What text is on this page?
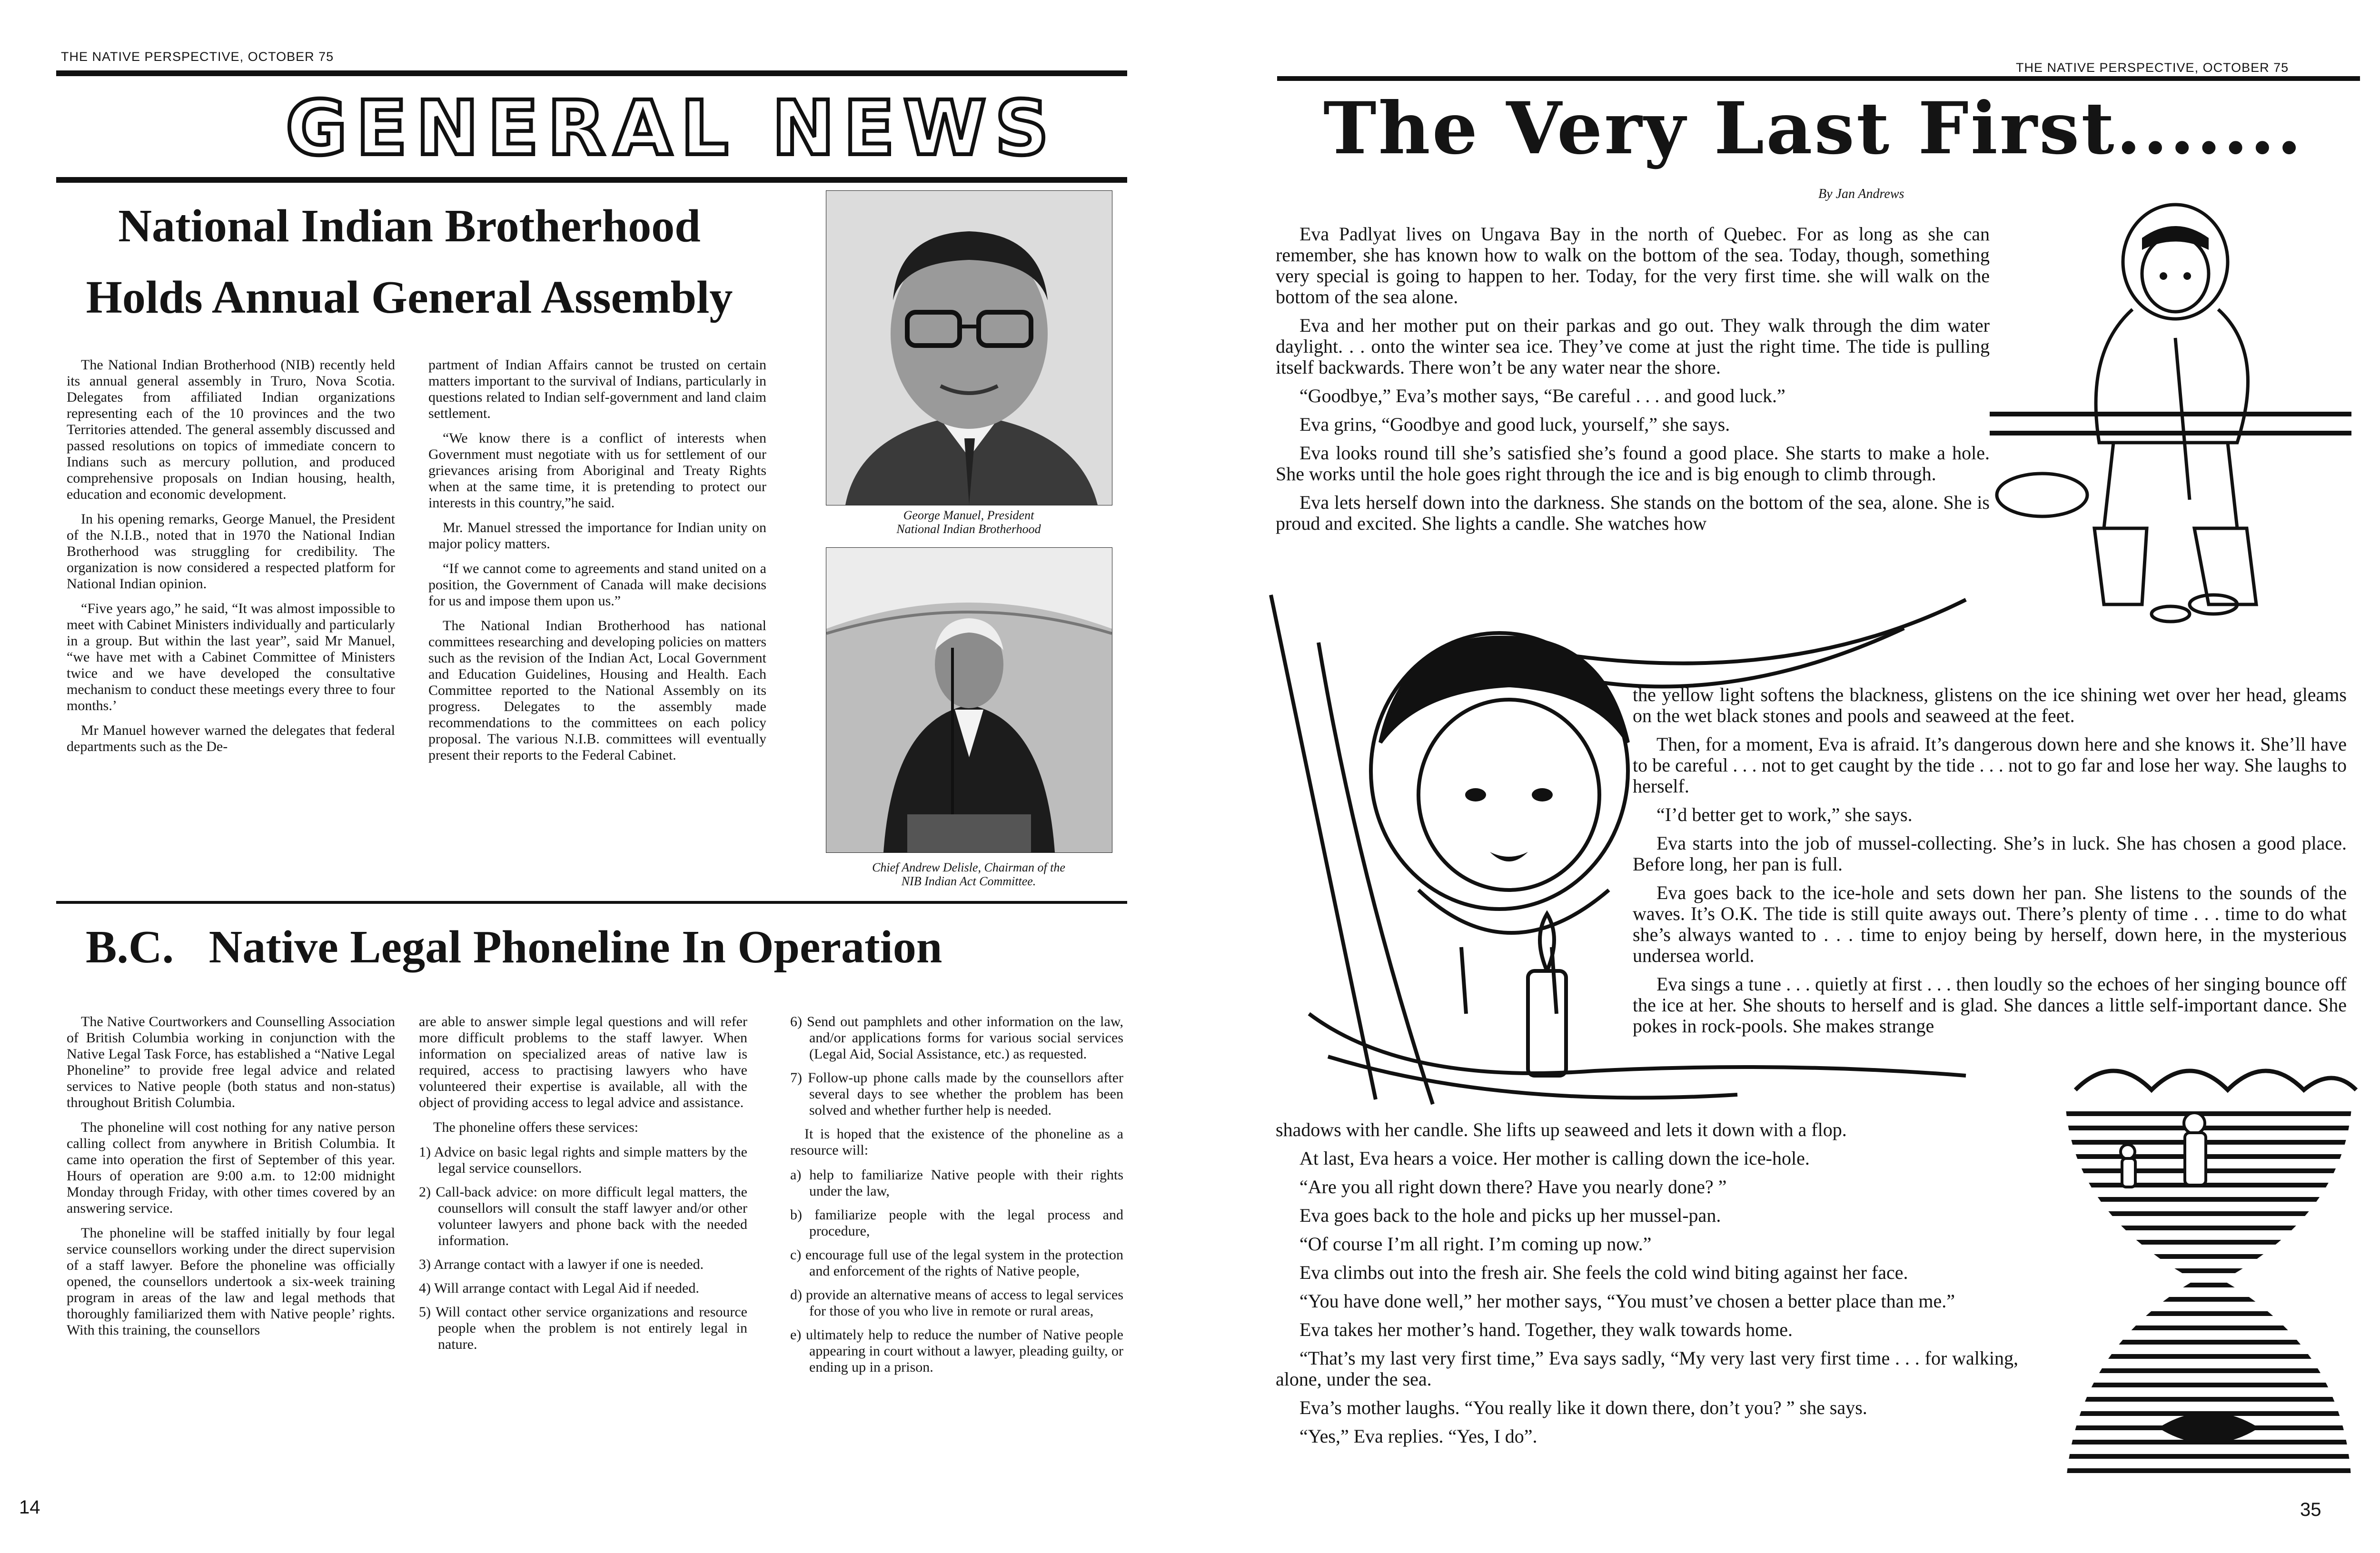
THE NATIVE PERSPECTIVE, OCTOBER 75
GENERAL NEWS
National Indian Brotherhood
Holds Annual General Assembly

The National Indian Brotherhood (NIB) recently held its annual general assembly in Truro, Nova Scotia. Delegates from affiliated Indian organizations representing each of the 10 provinces and the two Territories attended. The general assembly discussed and passed resolutions on topics of immediate concern to Indians such as mercury pollution, and produced comprehensive proposals on Indian housing, health, education and economic development.

In his opening remarks, George Manuel, the President of the N.I.B., noted that in 1970 the National Indian Brotherhood was struggling for credibility. The organization is now considered a respected platform for National Indian opinion.

“Five years ago,” he said, “It was almost impossible to meet with Cabinet Ministers individually and particularly in a group. But within the last year”, said Mr Manuel, “we have met with a Cabinet Committee of Ministers twice and we have developed the consultative mechanism to conduct these meetings every three to four months.’

Mr Manuel however warned the delegates that federal departments such as the De-

partment of Indian Affairs cannot be trusted on certain matters important to the survival of Indians, particularly in questions related to Indian self-government and land claim settlement.

“We know there is a conflict of interests when Government must negotiate with us for settlement of our grievances arising from Aboriginal and Treaty Rights when at the same time, it is pretending to protect our interests in this country,”he said.

Mr. Manuel stressed the importance for Indian unity on major policy matters.

“If we cannot come to agreements and stand united on a position, the Government of Canada will make decisions for us and impose them upon us.”

The National Indian Brotherhood has national committees researching and developing policies on matters such as the revision of the Indian Act, Local Government and Education Guidelines, Housing and Health. Each Committee reported to the National Assembly on its progress. Delegates to the assembly made recommendations to the committees on each policy proposal. The various N.I.B. committees will eventually present their reports to the Federal Cabinet.

George Manuel, President
National Indian Brotherhood
Chief Andrew Delisle, Chairman of the
NIB Indian Act Committee.
B.C.   Native Legal Phoneline In Operation

The Native Courtworkers and Counselling Association of British Columbia working in conjunction with the Native Legal Task Force, has established a “Native Legal Phoneline” to provide free legal advice and related services to Native people (both status and non-status) throughout British Columbia.

The phoneline will cost nothing for any native person calling collect from anywhere in British Columbia. It came into operation the first of September of this year. Hours of operation are 9:00 a.m. to 12:00 midnight Monday through Friday, with other times covered by an answering service.

The phoneline will be staffed initially by four legal service counsellors working under the direct supervision of a staff lawyer. Before the phoneline was officially opened, the counsellors undertook a six-week training program in areas of the law and legal methods that thoroughly familiarized them with Native people’ rights. With this training, the counsellors

are able to answer simple legal questions and will refer more difficult problems to the staff lawyer. When information on specialized areas of native law is required, access to practising lawyers who have volunteered their expertise is available, all with the object of providing access to legal advice and assistance.

The phoneline offers these services:

1) Advice on basic legal rights and simple matters by the legal service counsellors.
2) Call-back advice: on more difficult legal matters, the counsellors will consult the staff lawyer and/or other volunteer lawyers and phone back with the needed information.
3) Arrange contact with a lawyer if one is needed.
4) Will arrange contact with Legal Aid if needed.
5) Will contact other service organizations and resource people when the problem is not entirely legal in nature.
6) Send out pamphlets and other information on the law, and/or applications forms for various social services (Legal Aid, Social Assistance, etc.) as requested.
7) Follow-up phone calls made by the counsellors after several days to see whether the problem has been solved and whether further help is needed.

It is hoped that the existence of the phoneline as a resource will:

a) help to familiarize Native people with their rights under the law,
b) familiarize people with the legal process and procedure,
c) encourage full use of the legal system in the protection and enforcement of the rights of Native people,
d) provide an alternative means of access to legal services for those of you who live in remote or rural areas,
e) ultimately help to reduce the number of Native people appearing in court without a lawyer, pleading guilty, or ending up in a prison.
14
THE NATIVE PERSPECTIVE, OCTOBER 75
The Very Last First.......
By Jan Andrews

Eva Padlyat lives on Ungava Bay in the north of Quebec. For as long as she can remember, she has known how to walk on the bottom of the sea. Today, though, something very special is going to happen to her. Today, for the very first time. she will walk on the bottom of the sea alone.

Eva and her mother put on their parkas and go out. They walk through the dim water daylight. . . onto the winter sea ice. They’ve come at just the right time. The tide is pulling itself backwards. There won’t be any water near the shore.

“Goodbye,” Eva’s mother says, “Be careful . . . and good luck.”

Eva grins, “Goodbye and good luck, yourself,” she says.

Eva looks round till she’s satisfied she’s found a good place. She starts to make a hole. She works until the hole goes right through the ice and is big enough to climb through.

Eva lets herself down into the darkness. She stands on the bottom of the sea, alone. She is proud and excited. She lights a candle. She watches how

the yellow light softens the blackness, glistens on the ice shining wet over her head, gleams on the wet black stones and pools and seaweed at the feet.

Then, for a moment, Eva is afraid. It’s dangerous down here and she knows it. She’ll have to be careful . . . not to get caught by the tide . . . not to go far and lose her way. She laughs to herself.

“I’d better get to work,” she says.

Eva starts into the job of mussel-collecting. She’s in luck. She has chosen a good place. Before long, her pan is full.

Eva goes back to the ice-hole and sets down her pan. She listens to the sounds of the waves. It’s O.K. The tide is still quite aways out. There’s plenty of time . . . time to do what she’s always wanted to . . . time to enjoy being by herself, down here, in the mysterious undersea world.

Eva sings a tune . . . quietly at first . . . then loudly so the echoes of her singing bounce off the ice at her. She shouts to herself and is glad. She dances a little self-important dance. She pokes in rock-pools. She makes strange

shadows with her candle. She lifts up seaweed and lets it down with a flop.

At last, Eva hears a voice. Her mother is calling down the ice-hole.

“Are you all right down there? Have you nearly done? ”

Eva goes back to the hole and picks up her mussel-pan.

“Of course I’m all right. I’m coming up now.”

Eva climbs out into the fresh air. She feels the cold wind biting against her face.

“You have done well,” her mother says, “You must’ve chosen a better place than me.”

Eva takes her mother’s hand. Together, they walk towards home.

“That’s my last very first time,” Eva says sadly, “My very last very first time . . . for walking, alone, under the sea.

Eva’s mother laughs. “You really like it down there, don’t you? ” she says.

“Yes,” Eva replies. “Yes, I do”.

35
